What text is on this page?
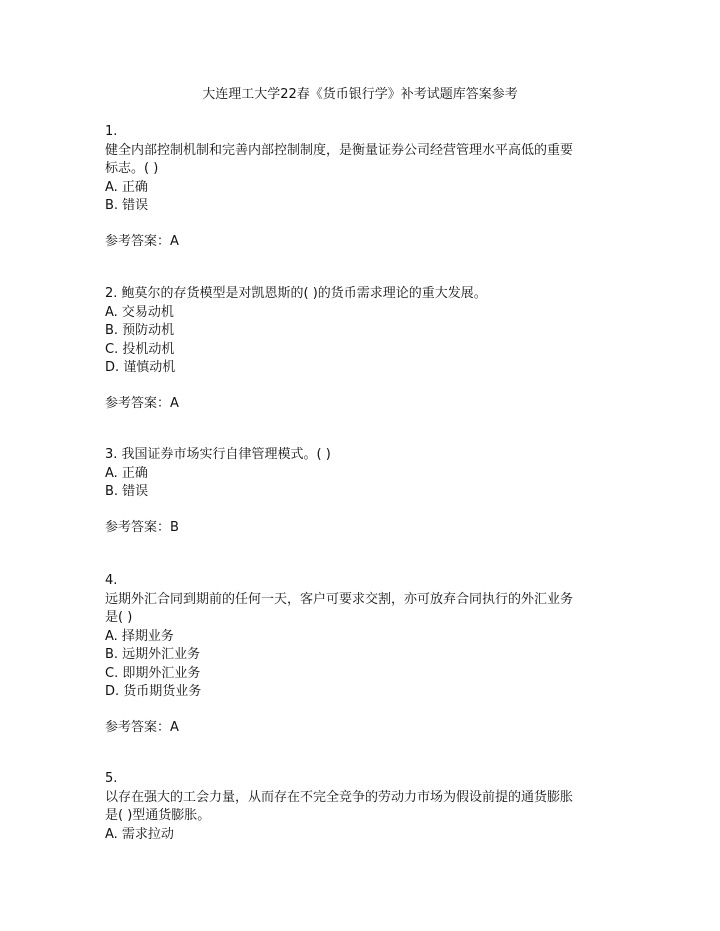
大连理工大学22春《货币银行学》补考试题库答案参考
1.
健全内部控制机制和完善内部控制制度，是衡量证券公司经营管理水平高低的重要
标志。( )
A. 正确
B. 错误
参考答案：A
2. 鲍莫尔的存货模型是对凯恩斯的( )的货币需求理论的重大发展。
A. 交易动机
B. 预防动机
C. 投机动机
D. 谨慎动机
参考答案：A
3. 我国证券市场实行自律管理模式。( )
A. 正确
B. 错误
参考答案：B
4.
远期外汇合同到期前的任何一天，客户可要求交割，亦可放弃合同执行的外汇业务
是( )
A. 择期业务
B. 远期外汇业务
C. 即期外汇业务
D. 货币期货业务
参考答案：A
5.
以存在强大的工会力量，从而存在不完全竞争的劳动力市场为假设前提的通货膨胀
是( )型通货膨胀。
A. 需求拉动
